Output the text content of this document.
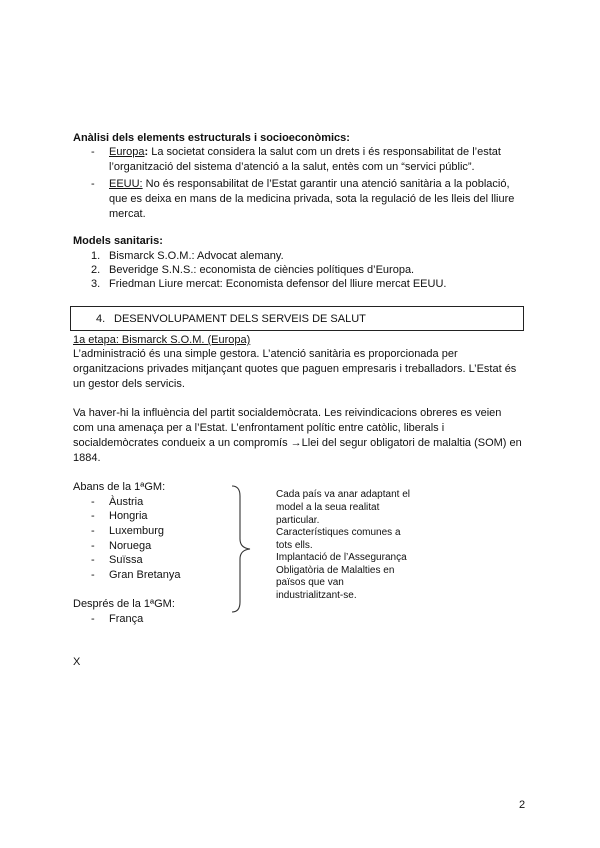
Anàlisi dels elements estructurals i socioeconòmics:
- Europa: La societat considera la salut com un drets i és responsabilitat de l’estat
l’organització del sistema d’atenció a la salut, entès com un “servici públic”.
- EEUU: No és responsabilitat de l’Estat garantir una atenció sanitària a la població,
que es deixa en mans de la medicina privada, sota la regulació de les lleis del lliure
mercat.
Models sanitaris:
1. Bismarck S.O.M.: Advocat alemany.
2. Beveridge S.N.S.: economista de ciències polítiques d’Europa.
3. Friedman Liure mercat: Economista defensor del lliure mercat EEUU.
4. DESENVOLUPAMENT DELS SERVEIS DE SALUT
1a etapa: Bismarck S.O.M. (Europa)
L’administració és una simple gestora. L’atenció sanitària es proporcionada per
organitzacions privades mitjançant quotes que paguen empresaris i treballadors. L’Estat és
un gestor dels servicis.
Va haver-hi la influència del partit socialdemòcrata. Les reivindicacions obreres es veien
com una amenaça per a l’Estat. L’enfrontament polític entre catòlic, liberals i
socialdemòcrates condueix a un compromís →Llei del segur obligatori de malaltia (SOM) en
1884.
Abans de la 1ªGM:
- Àustria
- Hongria
- Luxemburg
- Noruega
- Suïssa
- Gran Bretanya
Després de la 1ªGM:
- França
Cada país va anar adaptant el
model a la seua realitat
particular.
Característiques comunes a
tots ells.
Implantació de l’Assegurança
Obligatòria de Malalties en
països que van
industrialitzant-se.
X
2
